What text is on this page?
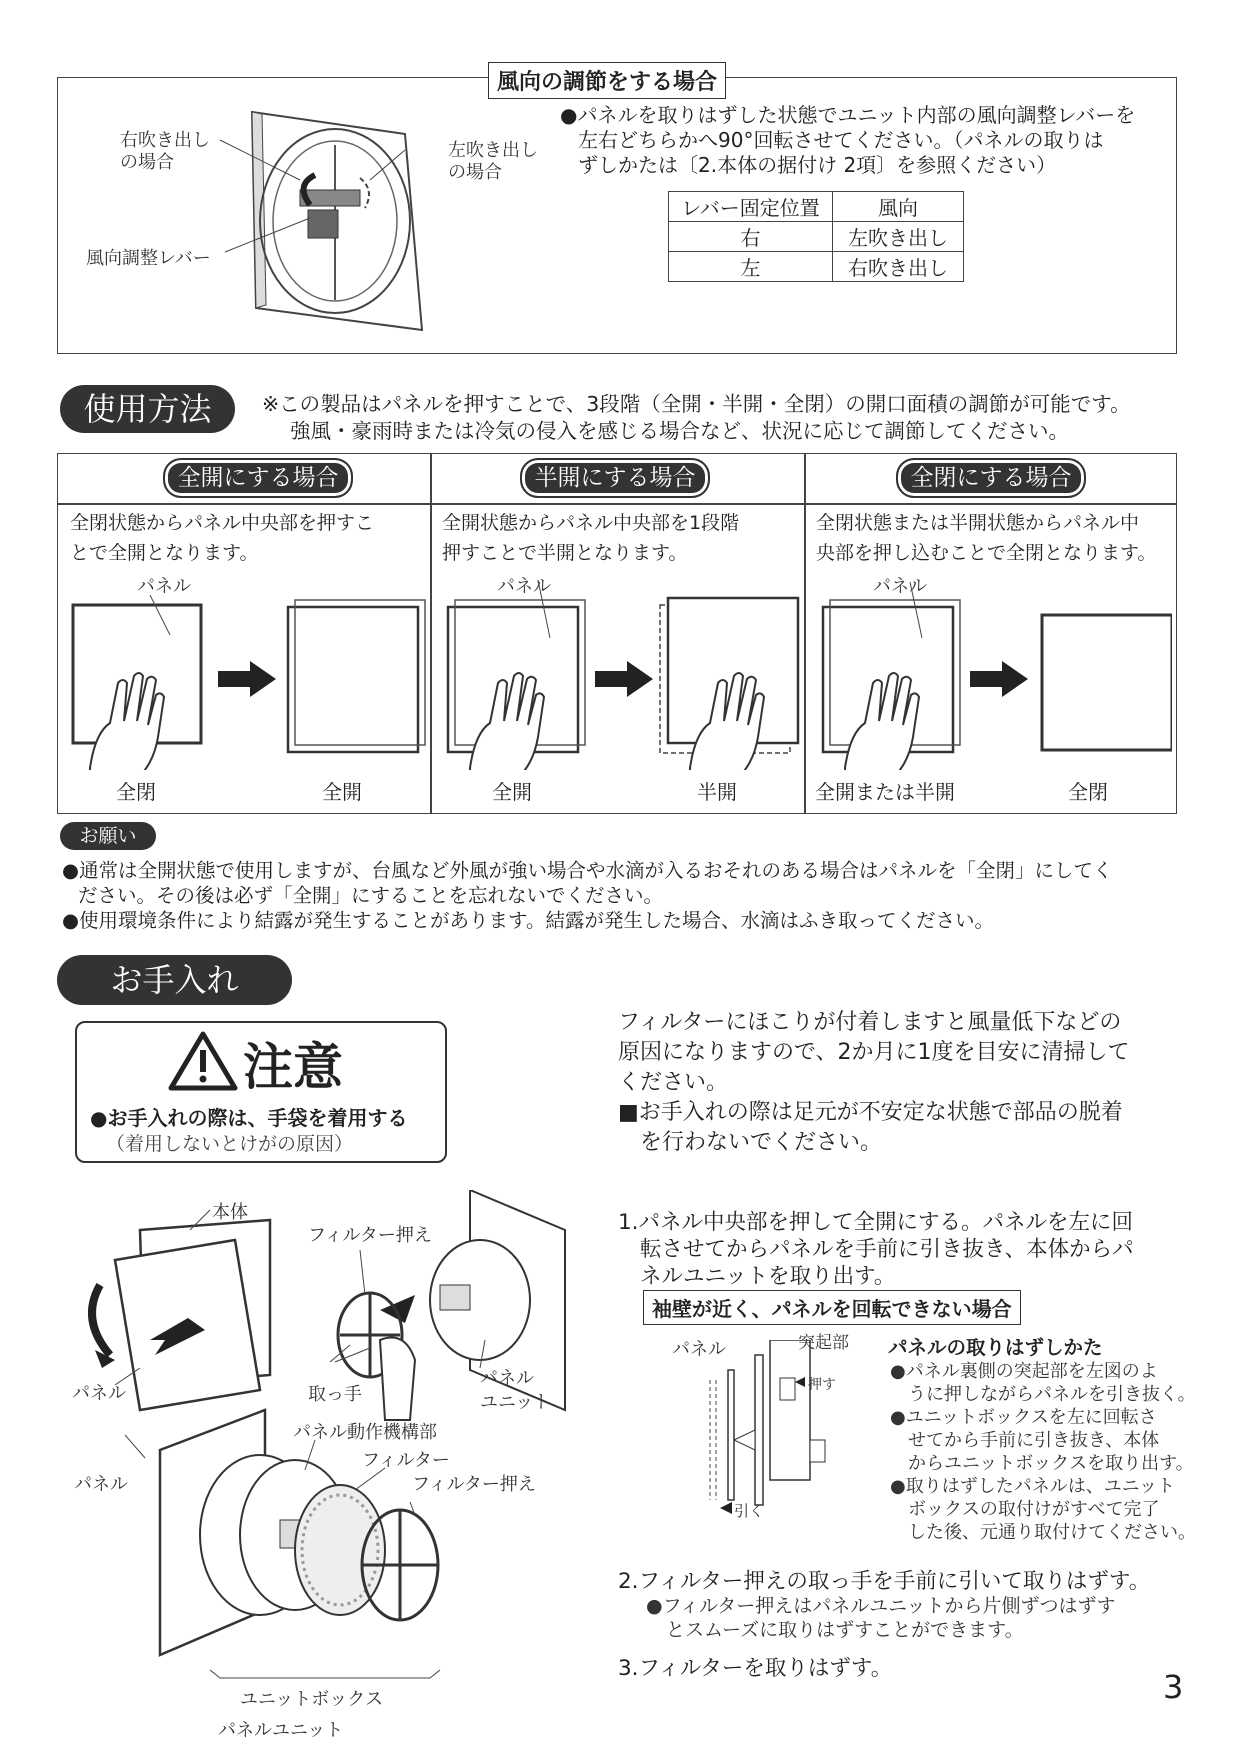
風向の調節をする場合
右吹き出し
の場合
左吹き出し
の場合
風向調整レバー
●パネルを取りはずした状態でユニット内部の風向調整レバーを
左右どちらかへ90°回転させてください。（パネルの取りは
ずしかたは〔2.本体の据付け 2項〕を参照ください）
レバー固定位置	風向
右	左吹き出し
左	右吹き出し
使用方法	※この製品はパネルを押すことで、3段階（全開・半開・全閉）の開口面積の調節が可能です。
強風・豪雨時または冷気の侵入を感じる場合など、状況に応じて調節してください。
全開にする場合	半開にする場合	全閉にする場合
全閉状態からパネル中央部を押すこ
とで全開となります。
全開状態からパネル中央部を1段階
押すことで半開となります。
全閉状態または半開状態からパネル中
央部を押し込むことで全閉となります。
パネル	パネル	パネル
全閉	全開	全開	半開	全開または半開	全閉
お願い
●通常は全開状態で使用しますが、台風など外風が強い場合や水滴が入るおそれのある場合はパネルを「全閉」にしてく
ださい。その後は必ず「全開」にすることを忘れないでください。
●使用環境条件により結露が発生することがあります。結露が発生した場合、水滴はふき取ってください。
お手入れ
注意
●お手入れの際は、手袋を着用する
（着用しないとけがの原因）
フィルターにほこりが付着しますと風量低下などの
原因になりますので、2か月に1度を目安に清掃して
ください。
■お手入れの際は足元が不安定な状態で部品の脱着
を行わないでください。
本体
フィルター押え
パネル	取っ手
パネル
ユニット
パネル動作機構部
フィルター
パネル	フィルター押え
ユニットボックス
パネルユニット
1.パネル中央部を押して全開にする。パネルを左に回
転させてからパネルを手前に引き抜き、本体からパ
ネルユニットを取り出す。
袖壁が近く、パネルを回転できない場合
パネル	突起部
押す
引く
パネルの取りはずしかた
●パネル裏側の突起部を左図のよ
うに押しながらパネルを引き抜く。
●ユニットボックスを左に回転さ
せてから手前に引き抜き、本体
からユニットボックスを取り出す。
●取りはずしたパネルは、ユニット
ボックスの取付けがすべて完了
した後、元通り取付けてください。
2.フィルター押えの取っ手を手前に引いて取りはずす。
●フィルター押えはパネルユニットから片側ずつはずす
とスムーズに取りはずすことができます。
3.フィルターを取りはずす。	3
